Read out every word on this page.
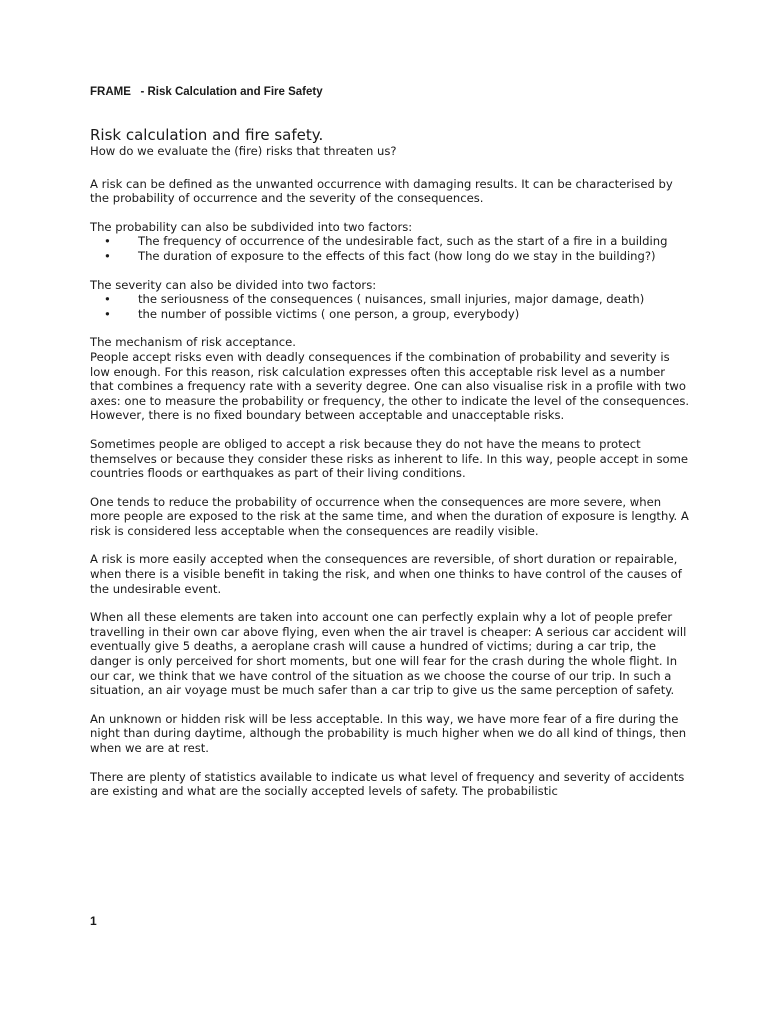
FRAME   - Risk Calculation and Fire Safety
Risk calculation and fire safety.
How do we evaluate the (fire) risks that threaten us?

A risk can be defined as the unwanted occurrence with damaging results. It can be characterised by the probability of occurrence and the severity of the consequences.

The probability can also be subdivided into two factors:
• The frequency of occurrence of the undesirable fact, such as the start of a fire in a building
• The duration of exposure to the effects of this fact (how long do we stay in the building?)
The severity can also be divided into two factors:
• the seriousness of the consequences ( nuisances, small injuries, major damage, death)
• the number of possible victims ( one person, a group, everybody)
The mechanism of risk acceptance.

People accept risks even with deadly consequences if the combination of probability and severity is low enough. For this reason, risk calculation expresses often this acceptable risk level as a number that combines a frequency rate with a severity degree. One can also visualise risk in a profile with two axes: one to measure the probability or frequency, the other to indicate the level of the consequences. However, there is no fixed boundary between acceptable and unacceptable risks.

Sometimes people are obliged to accept a risk because they do not have the means to protect themselves or because they consider these risks as inherent to life. In this way, people accept in some countries floods or earthquakes as part of their living conditions.

One tends to reduce the probability of occurrence when the consequences are more severe, when more people are exposed to the risk at the same time, and when the duration of exposure is lengthy. A risk is considered less acceptable when the consequences are readily visible.

A risk is more easily accepted when the consequences are reversible, of short duration or repairable, when there is a visible benefit in taking the risk, and when one thinks to have control of the causes of the undesirable event.

When all these elements are taken into account one can perfectly explain why a lot of people prefer travelling in their own car above flying, even when the air travel is cheaper: A serious car accident will eventually give 5 deaths, a aeroplane crash will cause a hundred of victims; during a car trip, the danger is only perceived for short moments, but one will fear for the crash during the whole flight. In our car, we think that we have control of the situation as we choose the course of our trip. In such a situation, an air voyage must be much safer than a car trip to give us the same perception of safety.

An unknown or hidden risk will be less acceptable. In this way, we have more fear of a fire during the night than during daytime, although the probability is much higher when we do all kind of things, then when we are at rest.

There are plenty of statistics available to indicate us what level of frequency and severity of accidents are existing and what are the socially accepted levels of safety. The probabilistic

1
